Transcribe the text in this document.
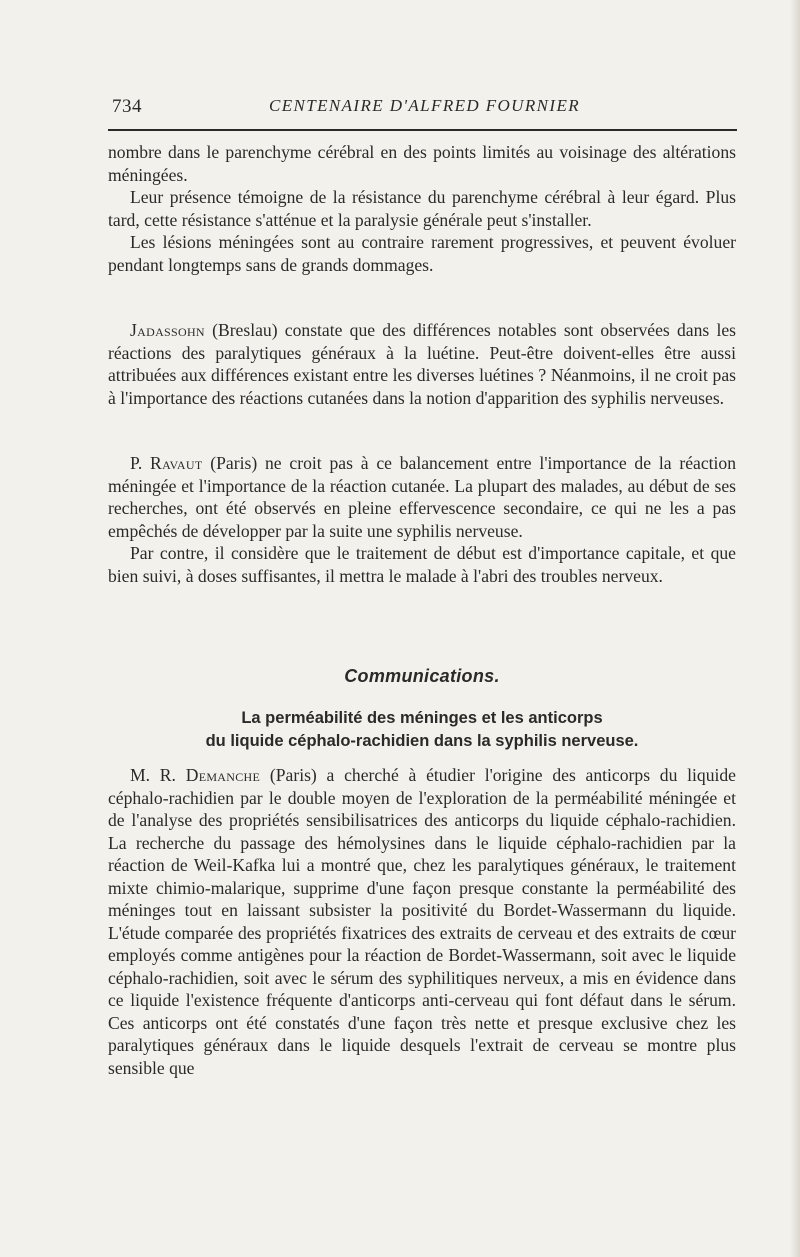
734	CENTENAIRE D'ALFRED FOURNIER

nombre dans le parenchyme cérébral en des points limités au voisinage des altérations méningées.

Leur présence témoigne de la résistance du parenchyme cérébral à leur égard. Plus tard, cette résistance s'atténue et la paralysie générale peut s'installer.

Les lésions méningées sont au contraire rarement progressives, et peuvent évoluer pendant longtemps sans de grands dommages.

Jadassohn (Breslau) constate que des différences notables sont observées dans les réactions des paralytiques généraux à la luétine. Peut-être doivent-elles être aussi attribuées aux différences existant entre les diverses luétines ? Néanmoins, il ne croit pas à l'importance des réactions cutanées dans la notion d'apparition des syphilis nerveuses.

P. Ravaut (Paris) ne croit pas à ce balancement entre l'importance de la réaction méningée et l'importance de la réaction cutanée. La plupart des malades, au début de ses recherches, ont été observés en pleine effervescence secondaire, ce qui ne les a pas empêchés de développer par la suite une syphilis nerveuse.

Par contre, il considère que le traitement de début est d'importance capitale, et que bien suivi, à doses suffisantes, il mettra le malade à l'abri des troubles nerveux.

Communications.
La perméabilité des méninges et les anticorps
du liquide céphalo-rachidien dans la syphilis nerveuse.

M. R. Demanche (Paris) a cherché à étudier l'origine des anticorps du liquide céphalo-rachidien par le double moyen de l'exploration de la perméabilité méningée et de l'analyse des propriétés sensibilisatrices des anticorps du liquide céphalo-rachidien. La recherche du passage des hémolysines dans le liquide céphalo-rachidien par la réaction de Weil-Kafka lui a montré que, chez les paralytiques généraux, le traitement mixte chimio-malarique, supprime d'une façon presque constante la perméabilité des méninges tout en laissant subsister la positivité du Bordet-Wassermann du liquide. L'étude comparée des propriétés fixatrices des extraits de cerveau et des extraits de cœur employés comme antigènes pour la réaction de Bordet-Wassermann, soit avec le liquide céphalo-rachidien, soit avec le sérum des syphilitiques nerveux, a mis en évidence dans ce liquide l'existence fréquente d'anticorps anti-cerveau qui font défaut dans le sérum. Ces anticorps ont été constatés d'une façon très nette et presque exclusive chez les paralytiques généraux dans le liquide desquels l'extrait de cerveau se montre plus sensible que
